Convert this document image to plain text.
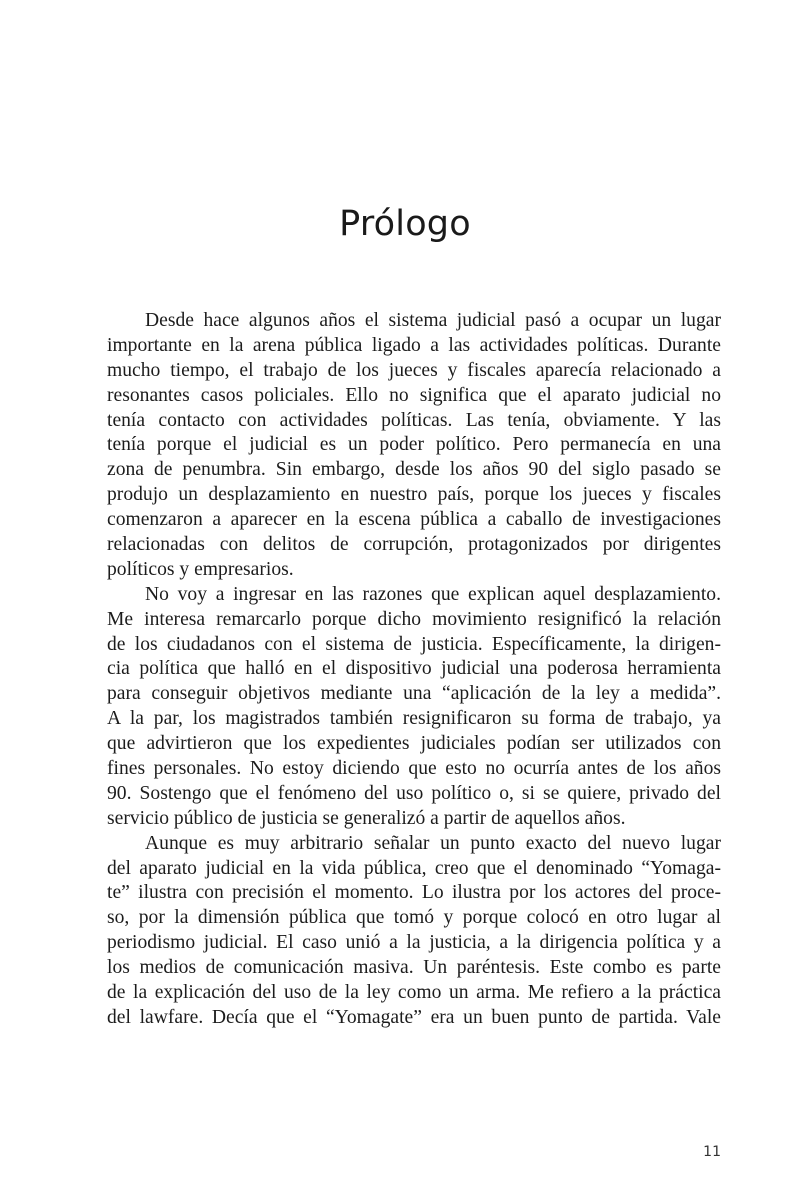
Prólogo
Desde hace algunos años el sistema judicial pasó a ocupar un lugar
importante en la arena pública ligado a las actividades políticas. Durante
mucho tiempo, el trabajo de los jueces y fiscales aparecía relacionado a
resonantes casos policiales. Ello no significa que el aparato judicial no
tenía contacto con actividades políticas. Las tenía, obviamente. Y las
tenía porque el judicial es un poder político. Pero permanecía en una
zona de penumbra. Sin embargo, desde los años 90 del siglo pasado se
produjo un desplazamiento en nuestro país, porque los jueces y fiscales
comenzaron a aparecer en la escena pública a caballo de investigaciones
relacionadas con delitos de corrupción, protagonizados por dirigentes
políticos y empresarios.
No voy a ingresar en las razones que explican aquel desplazamiento.
Me interesa remarcarlo porque dicho movimiento resignificó la relación
de los ciudadanos con el sistema de justicia. Específicamente, la dirigen-
cia política que halló en el dispositivo judicial una poderosa herramienta
para conseguir objetivos mediante una “aplicación de la ley a medida”.
A la par, los magistrados también resignificaron su forma de trabajo, ya
que advirtieron que los expedientes judiciales podían ser utilizados con
fines personales. No estoy diciendo que esto no ocurría antes de los años
90. Sostengo que el fenómeno del uso político o, si se quiere, privado del
servicio público de justicia se generalizó a partir de aquellos años.
Aunque es muy arbitrario señalar un punto exacto del nuevo lugar
del aparato judicial en la vida pública, creo que el denominado “Yomaga-
te” ilustra con precisión el momento. Lo ilustra por los actores del proce-
so, por la dimensión pública que tomó y porque colocó en otro lugar al
periodismo judicial. El caso unió a la justicia, a la dirigencia política y a
los medios de comunicación masiva. Un paréntesis. Este combo es parte
de la explicación del uso de la ley como un arma. Me refiero a la práctica
del lawfare. Decía que el “Yomagate” era un buen punto de partida. Vale
11
